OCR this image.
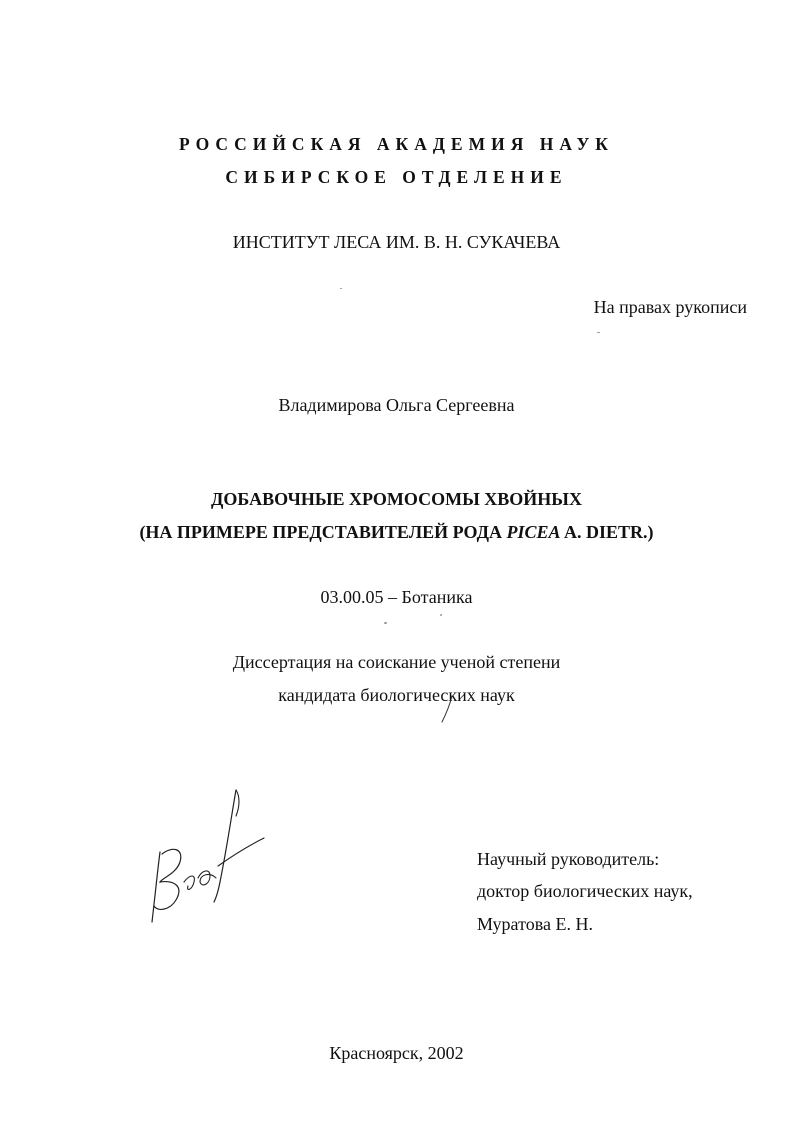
РОССИЙСКАЯ АКАДЕМИЯ НАУК
СИБИРСКОЕ ОТДЕЛЕНИЕ
ИНСТИТУТ ЛЕСА ИМ. В. Н. СУКАЧЕВА
На правах рукописи
Владимирова Ольга Сергеевна
ДОБАВОЧНЫЕ ХРОМОСОМЫ ХВОЙНЫХ
(НА ПРИМЕРЕ ПРЕДСТАВИТЕЛЕЙ РОДА PICEA A. DIETR.)
03.00.05 – Ботаника
Диссертация на соискание ученой степени
кандидата биологических наук
Научный руководитель:
доктор биологических наук,
Муратова Е. Н.
Красноярск, 2002
